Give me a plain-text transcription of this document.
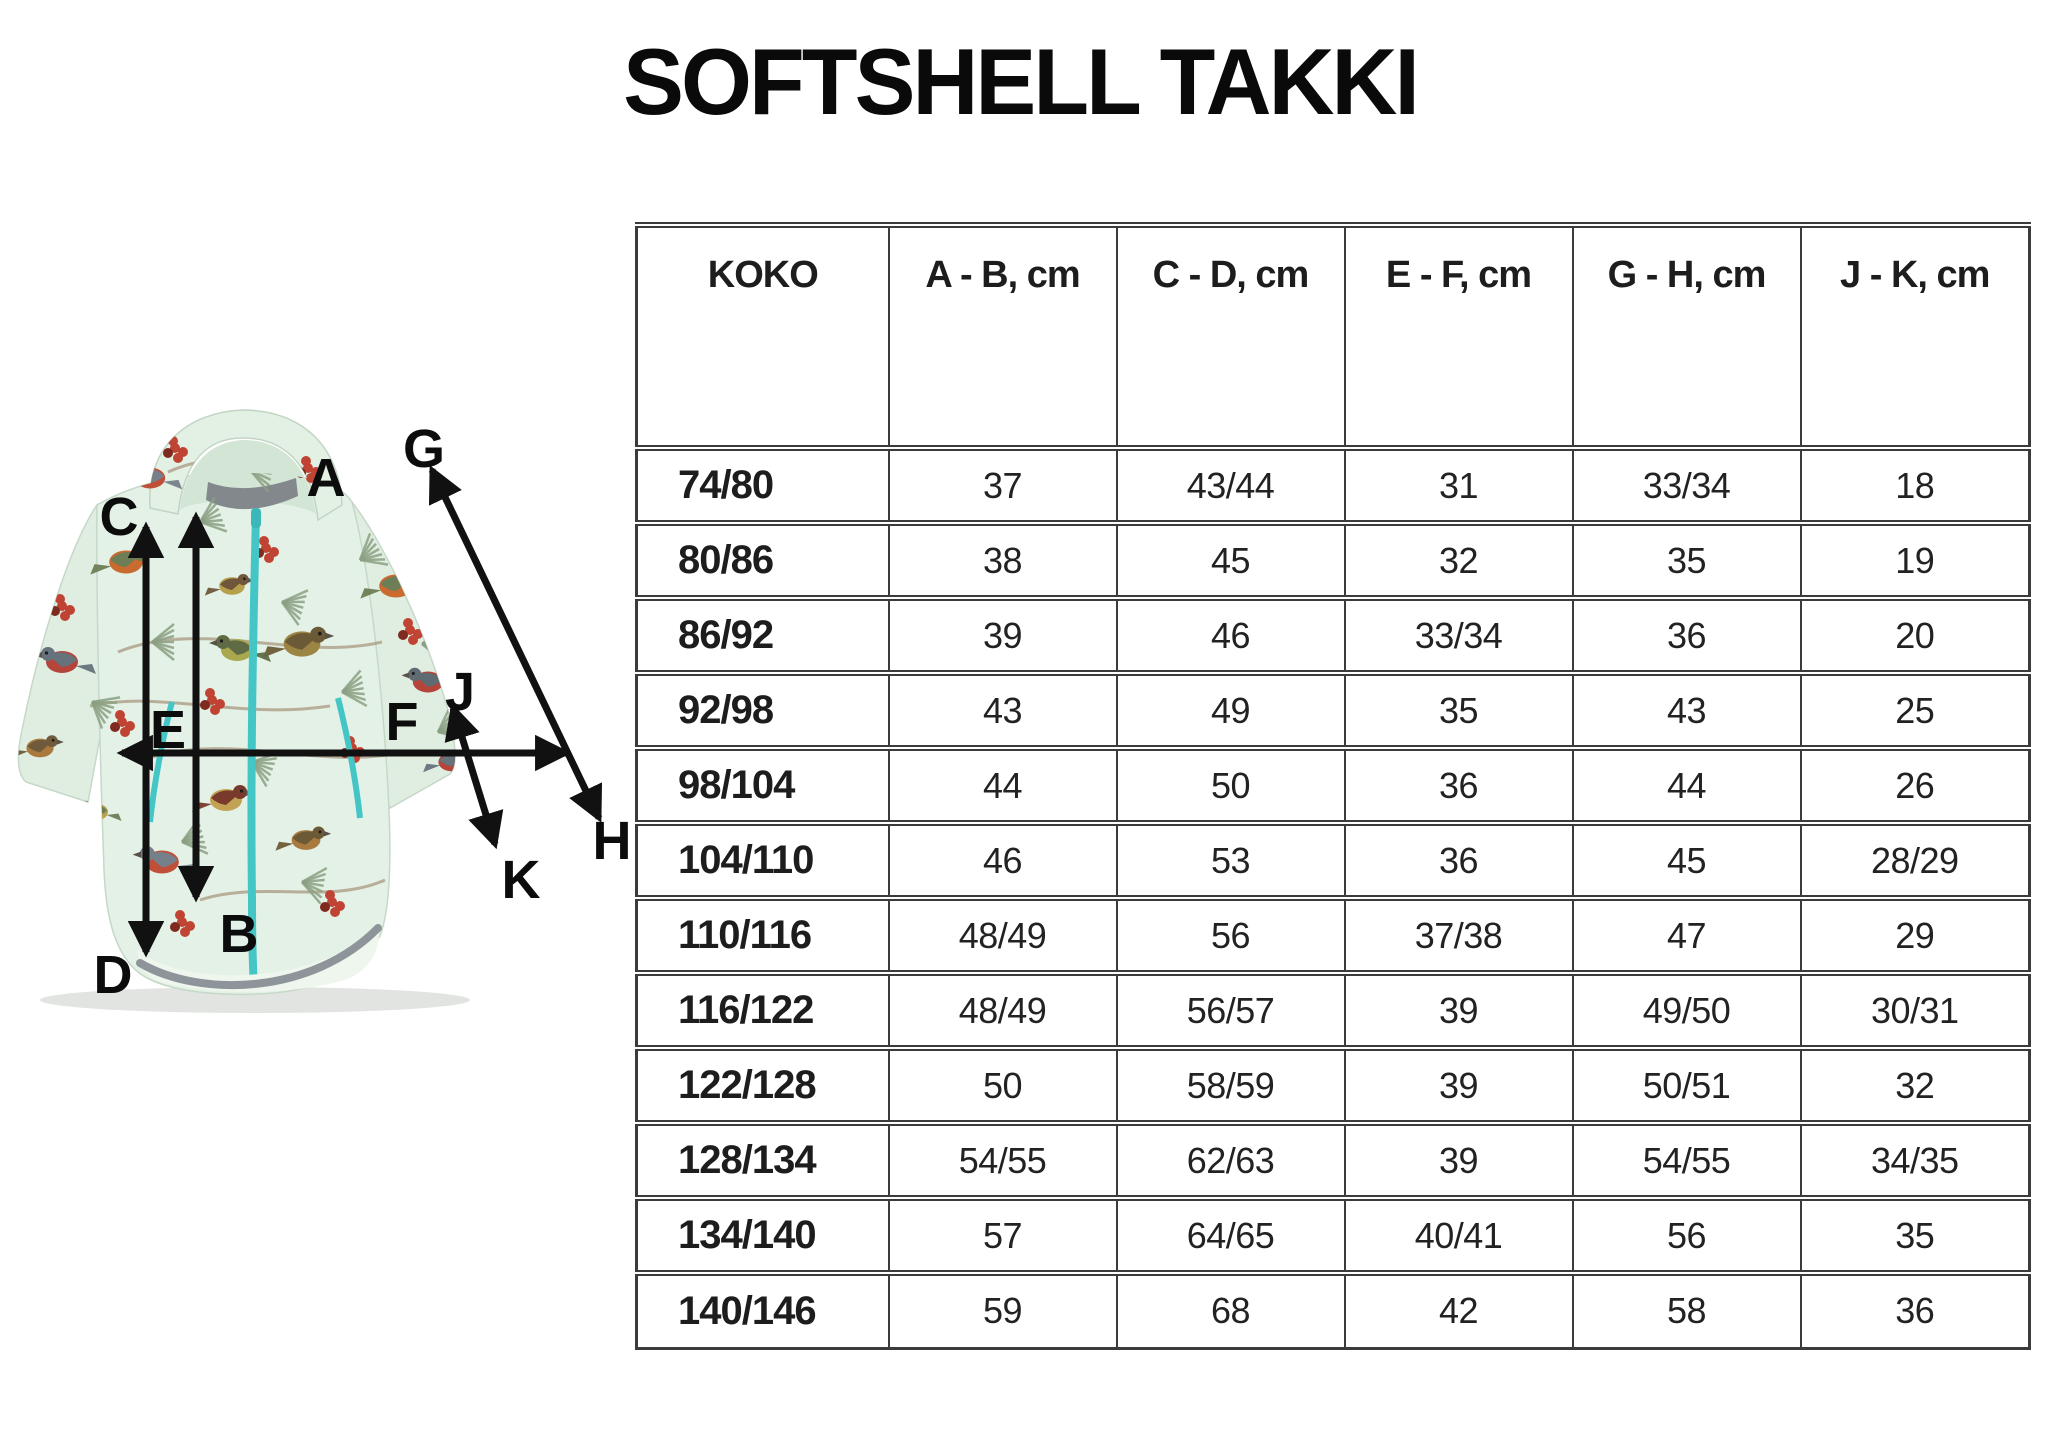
SOFTSHELL TAKKI
A
B
C
D
E	F
G
H
J
K
KOKO	A - B, cm	C - D, cm	E - F, cm	G - H, cm	J - K, cm
74/80	37	43/44	31	33/34	18
80/86	38	45	32	35	19
86/92	39	46	33/34	36	20
92/98	43	49	35	43	25
98/104	44	50	36	44	26
104/110	46	53	36	45	28/29
110/116	48/49	56	37/38	47	29
116/122	48/49	56/57	39	49/50	30/31
122/128	50	58/59	39	50/51	32
128/134	54/55	62/63	39	54/55	34/35
134/140	57	64/65	40/41	56	35
140/146	59	68	42	58	36
